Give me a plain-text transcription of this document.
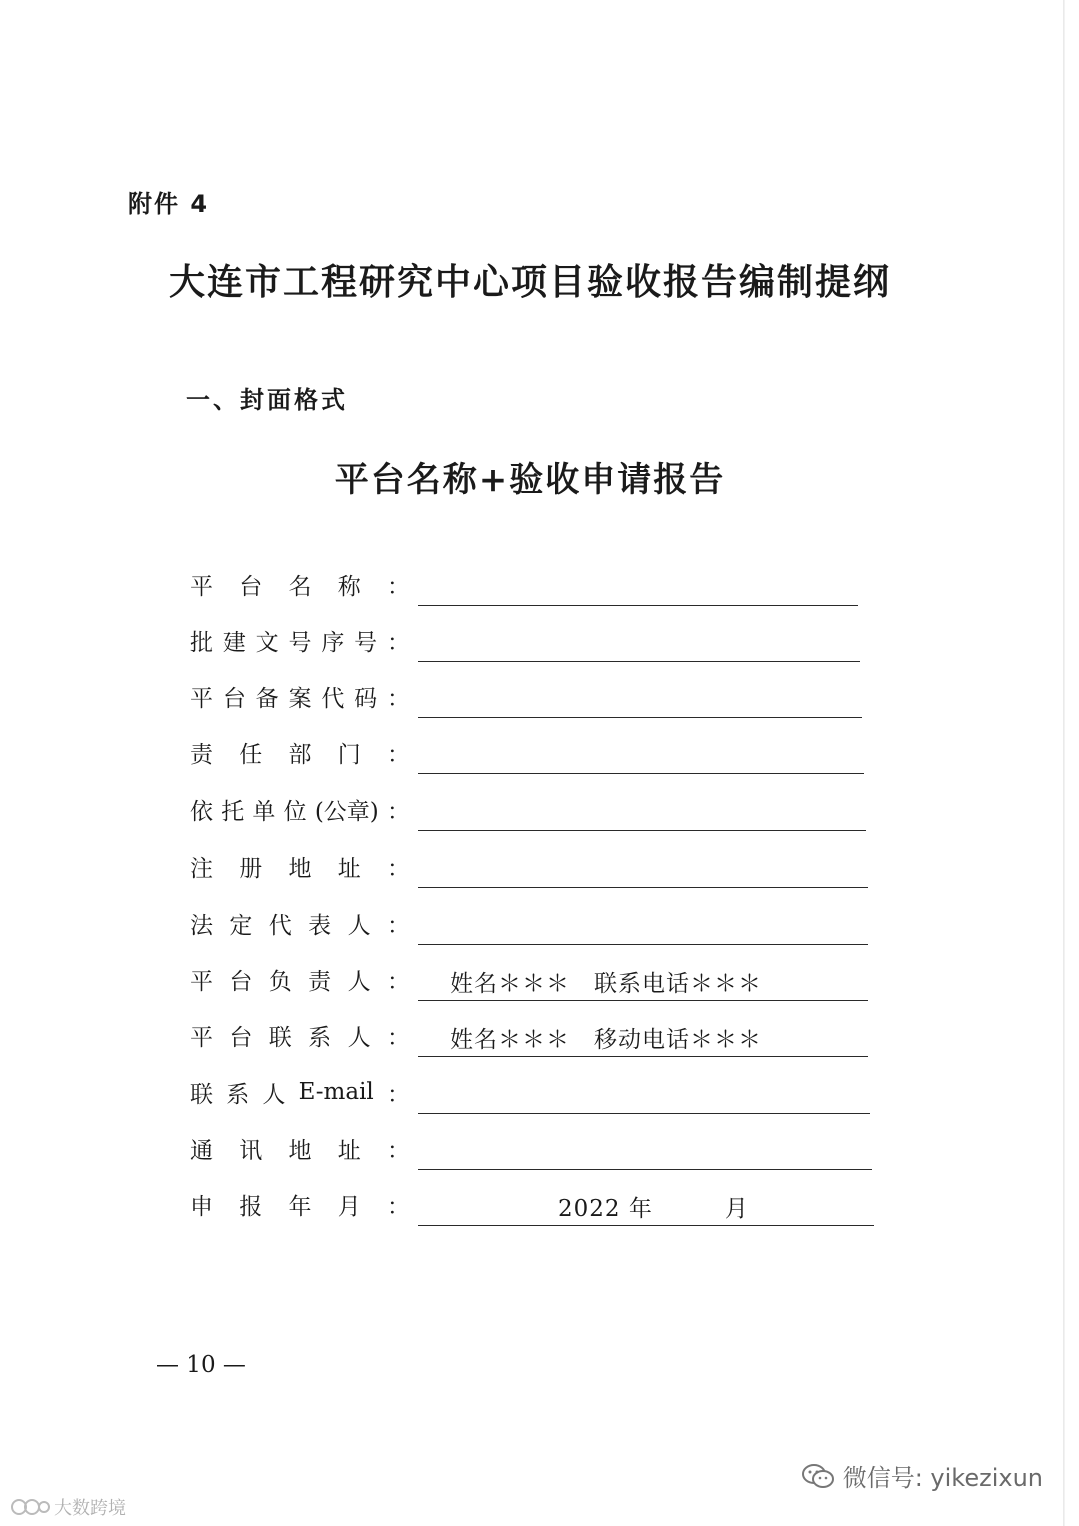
附件 4
大连市工程研究中心项目验收报告编制提纲
一、封面格式
平台名称+验收申请报告
平 台 名 称 ：
批 建 文 号 序 号 ：
平 台 备 案 代 码 ：
责 任 部 门 ：
依 托 单 位 (公章) ：
注 册 地 址 ：
法 定 代 表 人 ：
平 台 负 责 人 ： 姓名＊＊＊　联系电话＊＊＊
平 台 联 系 人 ： 姓名＊＊＊　移动电话＊＊＊
联 系 人 E-mail ：
通 讯 地 址 ：
申 报 年 月 ：	2022 年　　　月
— 10 —
微信号: yikezixun
大数跨境
